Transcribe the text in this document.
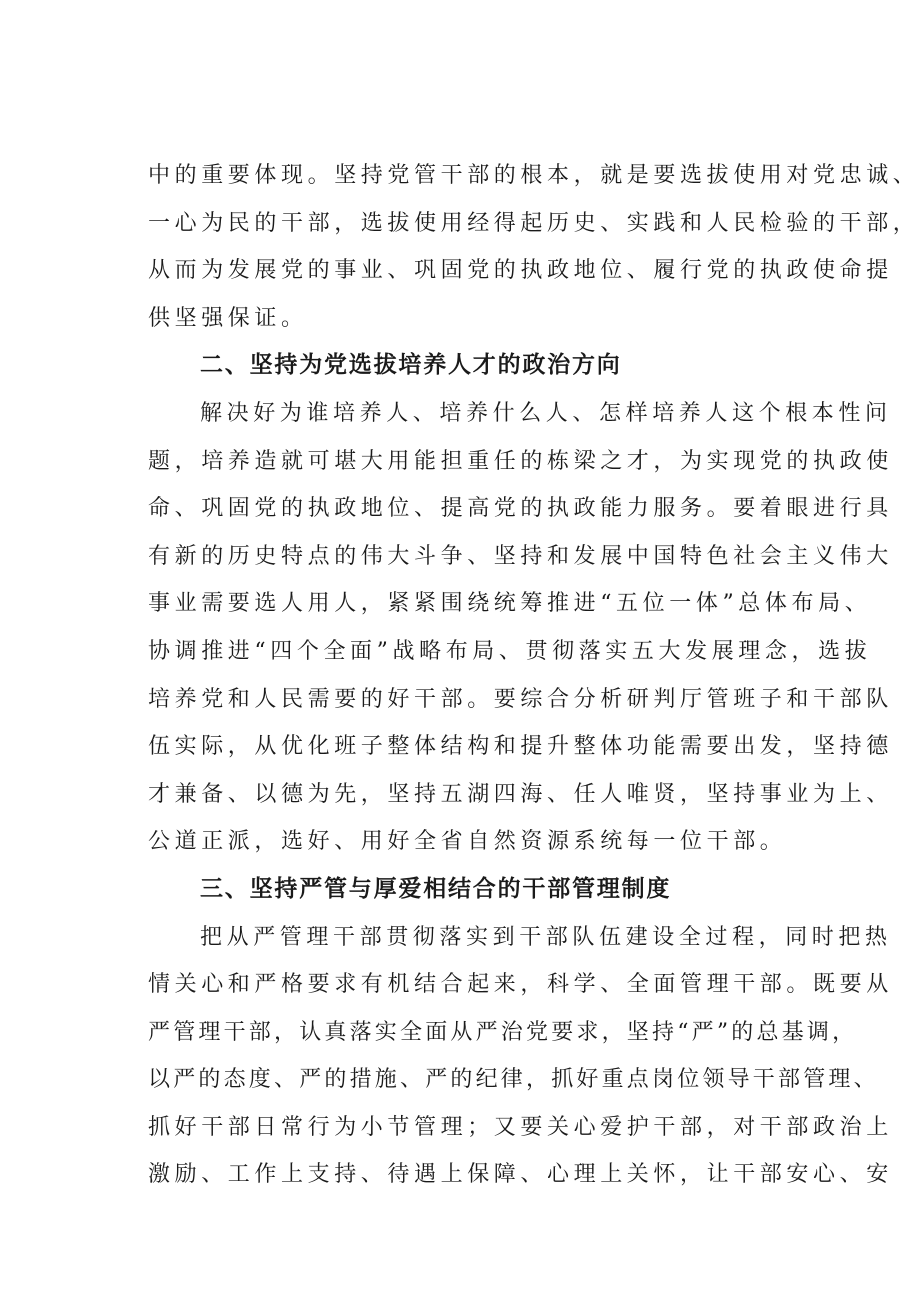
中的重要体现。坚持党管干部的根本，就是要选拔使用对党忠诚、
一心为民的干部，选拔使用经得起历史、实践和人民检验的干部，
从而为发展党的事业、巩固党的执政地位、履行党的执政使命提
供坚强保证。
二、坚持为党选拔培养人才的政治方向
解决好为谁培养人、培养什么人、怎样培养人这个根本性问
题，培养造就可堪大用能担重任的栋梁之才，为实现党的执政使
命、巩固党的执政地位、提高党的执政能力服务。要着眼进行具
有新的历史特点的伟大斗争、坚持和发展中国特色社会主义伟大
事业需要选人用人，紧紧围绕统筹推进“五位一体”总体布局、
协调推进“四个全面”战略布局、贯彻落实五大发展理念，选拔
培养党和人民需要的好干部。要综合分析研判厅管班子和干部队
伍实际，从优化班子整体结构和提升整体功能需要出发，坚持德
才兼备、以德为先，坚持五湖四海、任人唯贤，坚持事业为上、
公道正派，选好、用好全省自然资源系统每一位干部。
三、坚持严管与厚爱相结合的干部管理制度
把从严管理干部贯彻落实到干部队伍建设全过程，同时把热
情关心和严格要求有机结合起来，科学、全面管理干部。既要从
严管理干部，认真落实全面从严治党要求，坚持“严”的总基调，
以严的态度、严的措施、严的纪律，抓好重点岗位领导干部管理、
抓好干部日常行为小节管理；又要关心爱护干部，对干部政治上
激励、工作上支持、待遇上保障、心理上关怀，让干部安心、安
